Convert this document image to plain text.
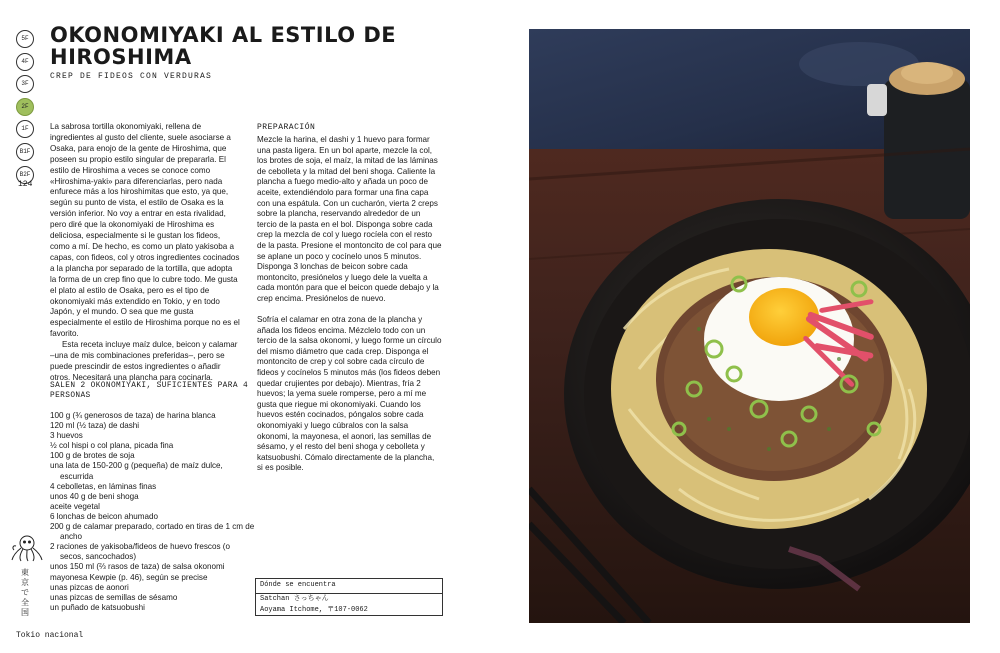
5F
4F
3F
2F
1F
B1F
B2F
124
OKONOMIYAKI AL ESTILO DE HIROSHIMA
CREP DE FIDEOS CON VERDURAS

La sabrosa tortilla okonomiyaki, rellena de ingredientes al gusto del cliente, suele asociarse a Osaka, para enojo de la gente de Hiroshima, que poseen su propio estilo singular de prepararla. El estilo de Hiroshima a veces se conoce como «Hiroshima-yaki» para diferenciarlas, pero nada enfurece más a los hiroshimitas que esto, ya que, según su punto de vista, el estilo de Osaka es la versión inferior. No voy a entrar en esta rivalidad, pero diré que la okonomiyaki de Hiroshima es deliciosa, especialmente si le gustan los fideos, como a mí. De hecho, es como un plato yakisoba a capas, con fideos, col y otros ingredientes cocinados a la plancha por separado de la tortilla, que adopta la forma de un crep fino que lo cubre todo. Me gusta el plato al estilo de Osaka, pero es el tipo de okonomiyaki más extendido en Tokio, y en todo Japón, y el mundo. O sea que me gusta especialmente el estilo de Hiroshima porque no es el favorito.

Esta receta incluye maíz dulce, beicon y calamar –una de mis combinaciones preferidas–, pero se puede prescindir de estos ingredientes o añadir otros. Necesitará una plancha para cocinarla.

SALEN 2 OKONOMIYAKI, SUFICIENTES PARA 4 PERSONAS
100 g (¾ generosos de taza) de harina blanca
120 ml (½ taza) de dashi
3 huevos
½ col hispi o col plana, picada fina
100 g de brotes de soja
una lata de 150-200 g (pequeña) de maíz dulce, escurrida
4 cebolletas, en láminas finas
unos 40 g de beni shoga
aceite vegetal
6 lonchas de beicon ahumado
200 g de calamar preparado, cortado en tiras de 1 cm de ancho
2 raciones de yakisoba/fideos de huevo frescos (o secos, sancochados)
unos 150 ml (⅔ rasos de taza) de salsa okonomi
mayonesa Kewpie (p. 46), según se precise
unas pizcas de aonori
unas pizcas de semillas de sésamo
un puñado de katsuobushi
PREPARACIÓN

Mezcle la harina, el dashi y 1 huevo para formar una pasta ligera. En un bol aparte, mezcle la col, los brotes de soja, el maíz, la mitad de las láminas de cebolleta y la mitad del beni shoga. Caliente la plancha a fuego medio-alto y añada un poco de aceite, extendiéndolo para formar una fina capa con una espátula. Con un cucharón, vierta 2 creps sobre la plancha, reservando alrededor de un tercio de la pasta en el bol. Disponga sobre cada crep la mezcla de col y luego rocíela con el resto de la pasta. Presione el montoncito de col para que se aplane un poco y cocínelo unos 5 minutos. Disponga 3 lonchas de beicon sobre cada montoncito, presiónelos y luego dele la vuelta a cada montón para que el beicon quede debajo y la crep encima. Presiónelos de nuevo.

Sofría el calamar en otra zona de la plancha y añada los fideos encima. Mézclelo todo con un tercio de la salsa okonomi, y luego forme un círculo del mismo diámetro que cada crep. Disponga el montoncito de crep y col sobre cada círculo de fideos y cocínelos 5 minutos más (los fideos deben quedar crujientes por debajo). Mientras, fría 2 huevos; la yema suele romperse, pero a mí me gusta que riegue mi okonomiyaki. Cuando los huevos estén cocinados, póngalos sobre cada okonomiyaki y luego cúbralos con la salsa okonomi, la mayonesa, el aonori, las semillas de sésamo, y el resto del beni shoga y cebolleta y katsuobushi. Cómalo directamente de la plancha, si es posible.

Dónde se encuentra
Satchan さっちゃん
Aoyama Itchome, 〒107-0062
東京で全国
Tokio nacional
